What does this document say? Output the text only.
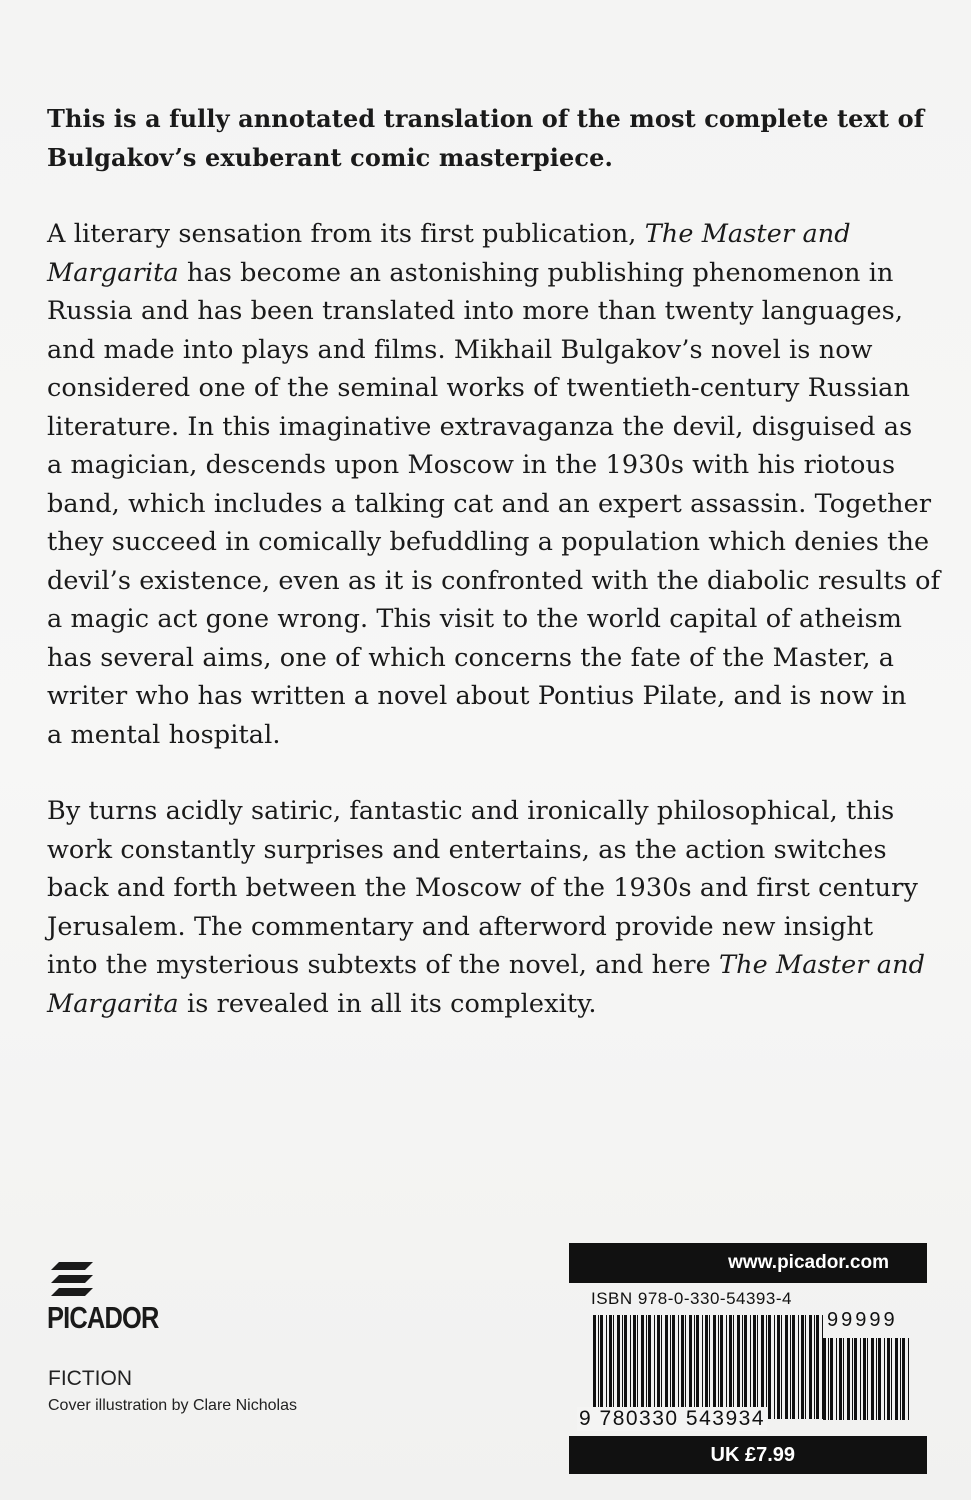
This is a fully annotated translation of the most complete text of
Bulgakov’s exuberant comic masterpiece.

A literary sensation from its first publication, The Master and
Margarita has become an astonishing publishing phenomenon in
Russia and has been translated into more than twenty languages,
and made into plays and films. Mikhail Bulgakov’s novel is now
considered one of the seminal works of twentieth-century Russian
literature. In this imaginative extravaganza the devil, disguised as
a magician, descends upon Moscow in the 1930s with his riotous
band, which includes a talking cat and an expert assassin. Together
they succeed in comically befuddling a population which denies the
devil’s existence, even as it is confronted with the diabolic results of
a magic act gone wrong. This visit to the world capital of atheism
has several aims, one of which concerns the fate of the Master, a
writer who has written a novel about Pontius Pilate, and is now in
a mental hospital.

By turns acidly satiric, fantastic and ironically philosophical, this
work constantly surprises and entertains, as the action switches
back and forth between the Moscow of the 1930s and first century
Jerusalem. The commentary and afterword provide new insight
into the mysterious subtexts of the novel, and here The Master and
Margarita is revealed in all its complexity.

PICADOR
FICTION
Cover illustration by Clare Nicholas
www.picador.com
ISBN 978-0-330-54393-4
99999
9 780330 543934
UK £7.99
